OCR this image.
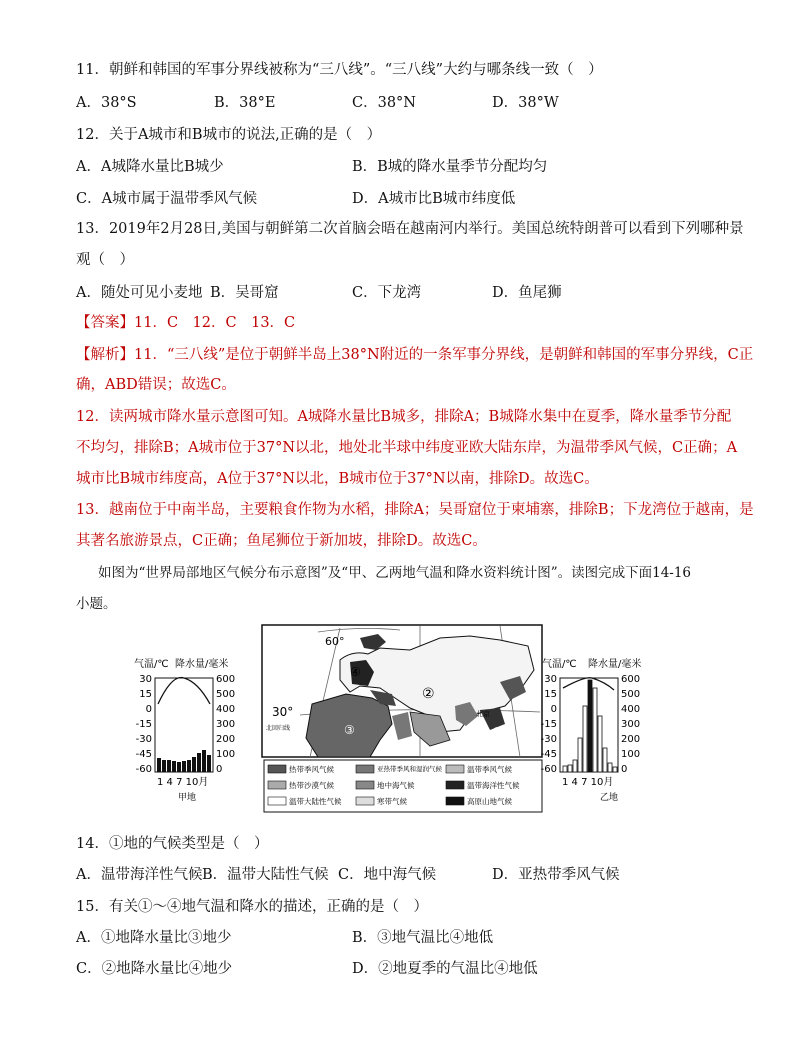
11．朝鲜和韩国的军事分界线被称为“三八线”。“三八线”大约与哪条线一致（　）
A．38°S	B．38°E	C．38°N	D．38°W
12．关于A城市和B城市的说法,正确的是（　）
A．A城降水量比B城少	B．B城的降水量季节分配均匀
C．A城市属于温带季风气候	D．A城市比B城市纬度低
13．2019年2月28日,美国与朝鲜第二次首脑会晤在越南河内举行。美国总统特朗普可以看到下列哪种景
观（　）
A．随处可见小麦地 B．吴哥窟	C．下龙湾	D．鱼尾狮
【答案】11．C　12．C　13．C
【解析】11．“三八线”是位于朝鲜半岛上38°N附近的一条军事分界线，是朝鲜和韩国的军事分界线，C正
确，ABD错误；故选C。
12．读两城市降水量示意图可知。A城降水量比B城多，排除A；B城降水集中在夏季，降水量季节分配
不均匀，排除B；A城市位于37°N以北，地处北半球中纬度亚欧大陆东岸，为温带季风气候，C正确；A
城市比B城市纬度高，A位于37°N以北，B城市位于37°N以南，排除D。故选C。
13．越南位于中南半岛，主要粮食作物为水稻，排除A；吴哥窟位于柬埔寨，排除B；下龙湾位于越南，是
其著名旅游景点，C正确；鱼尾狮位于新加坡，排除D。故选C。
如图为“世界局部地区气候分布示意图”及“甲、乙两地气温和降水资料统计图”。读图完成下面14-16
小题。
气温/℃ 降水量/毫米
30
15
0
-15
-30
-45
-60
600
500
400
300
200
100
0
1 4 7 10月
甲地
60°
30°
④
②
③	①
北京
北回归线
热带季风气候	亚热带季风和湿润气候	温带季风气候
热带沙漠气候	地中海气候	温带海洋性气候
温带大陆性气候	寒带气候	高原山地气候
气温/℃ 降水量/毫米
30
15
0
-15
-30
-45
-60
600
500
400
300
200
100
0
1 4 7 10月
乙地
14．①地的气候类型是（　）
A．温带海洋性气候 B．温带大陆性气候 C．地中海气候	D．亚热带季风气候
15．有关①～④地气温和降水的描述，正确的是（　）
A．①地降水量比③地少	B．③地气温比④地低
C．②地降水量比④地少	D．②地夏季的气温比④地低
